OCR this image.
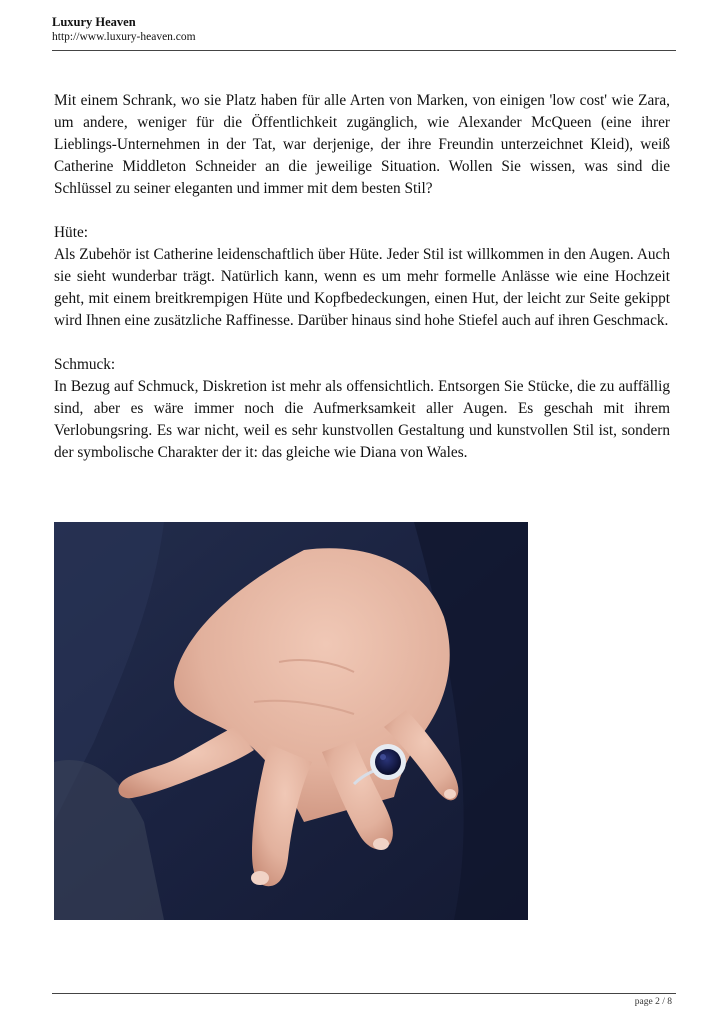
Luxury Heaven
http://www.luxury-heaven.com

Mit einem Schrank, wo sie Platz haben für alle Arten von Marken, von einigen 'low cost' wie Zara, um andere, weniger für die Öffentlichkeit zugänglich, wie Alexander McQueen (eine ihrer Lieblings-Unternehmen in der Tat, war derjenige, der ihre Freundin unterzeichnet Kleid), weiß Catherine Middleton Schneider an die jeweilige Situation. Wollen Sie wissen, was sind die Schlüssel zu seiner eleganten und immer mit dem besten Stil?

Hüte:
Als Zubehör ist Catherine leidenschaftlich über Hüte. Jeder Stil ist willkommen in den Augen. Auch sie sieht wunderbar trägt. Natürlich kann, wenn es um mehr formelle Anlässe wie eine Hochzeit geht, mit einem breitkrempigen Hüte und Kopfbedeckungen, einen Hut, der leicht zur Seite gekippt wird Ihnen eine zusätzliche Raffinesse. Darüber hinaus sind hohe Stiefel auch auf ihren Geschmack.

Schmuck:
In Bezug auf Schmuck, Diskretion ist mehr als offensichtlich. Entsorgen Sie Stücke, die zu auffällig sind, aber es wäre immer noch die Aufmerksamkeit aller Augen. Es geschah mit ihrem Verlobungsring. Es war nicht, weil es sehr kunstvollen Gestaltung und kunstvollen Stil ist, sondern der symbolische Charakter der it: das gleiche wie Diana von Wales.

page 2 / 8
